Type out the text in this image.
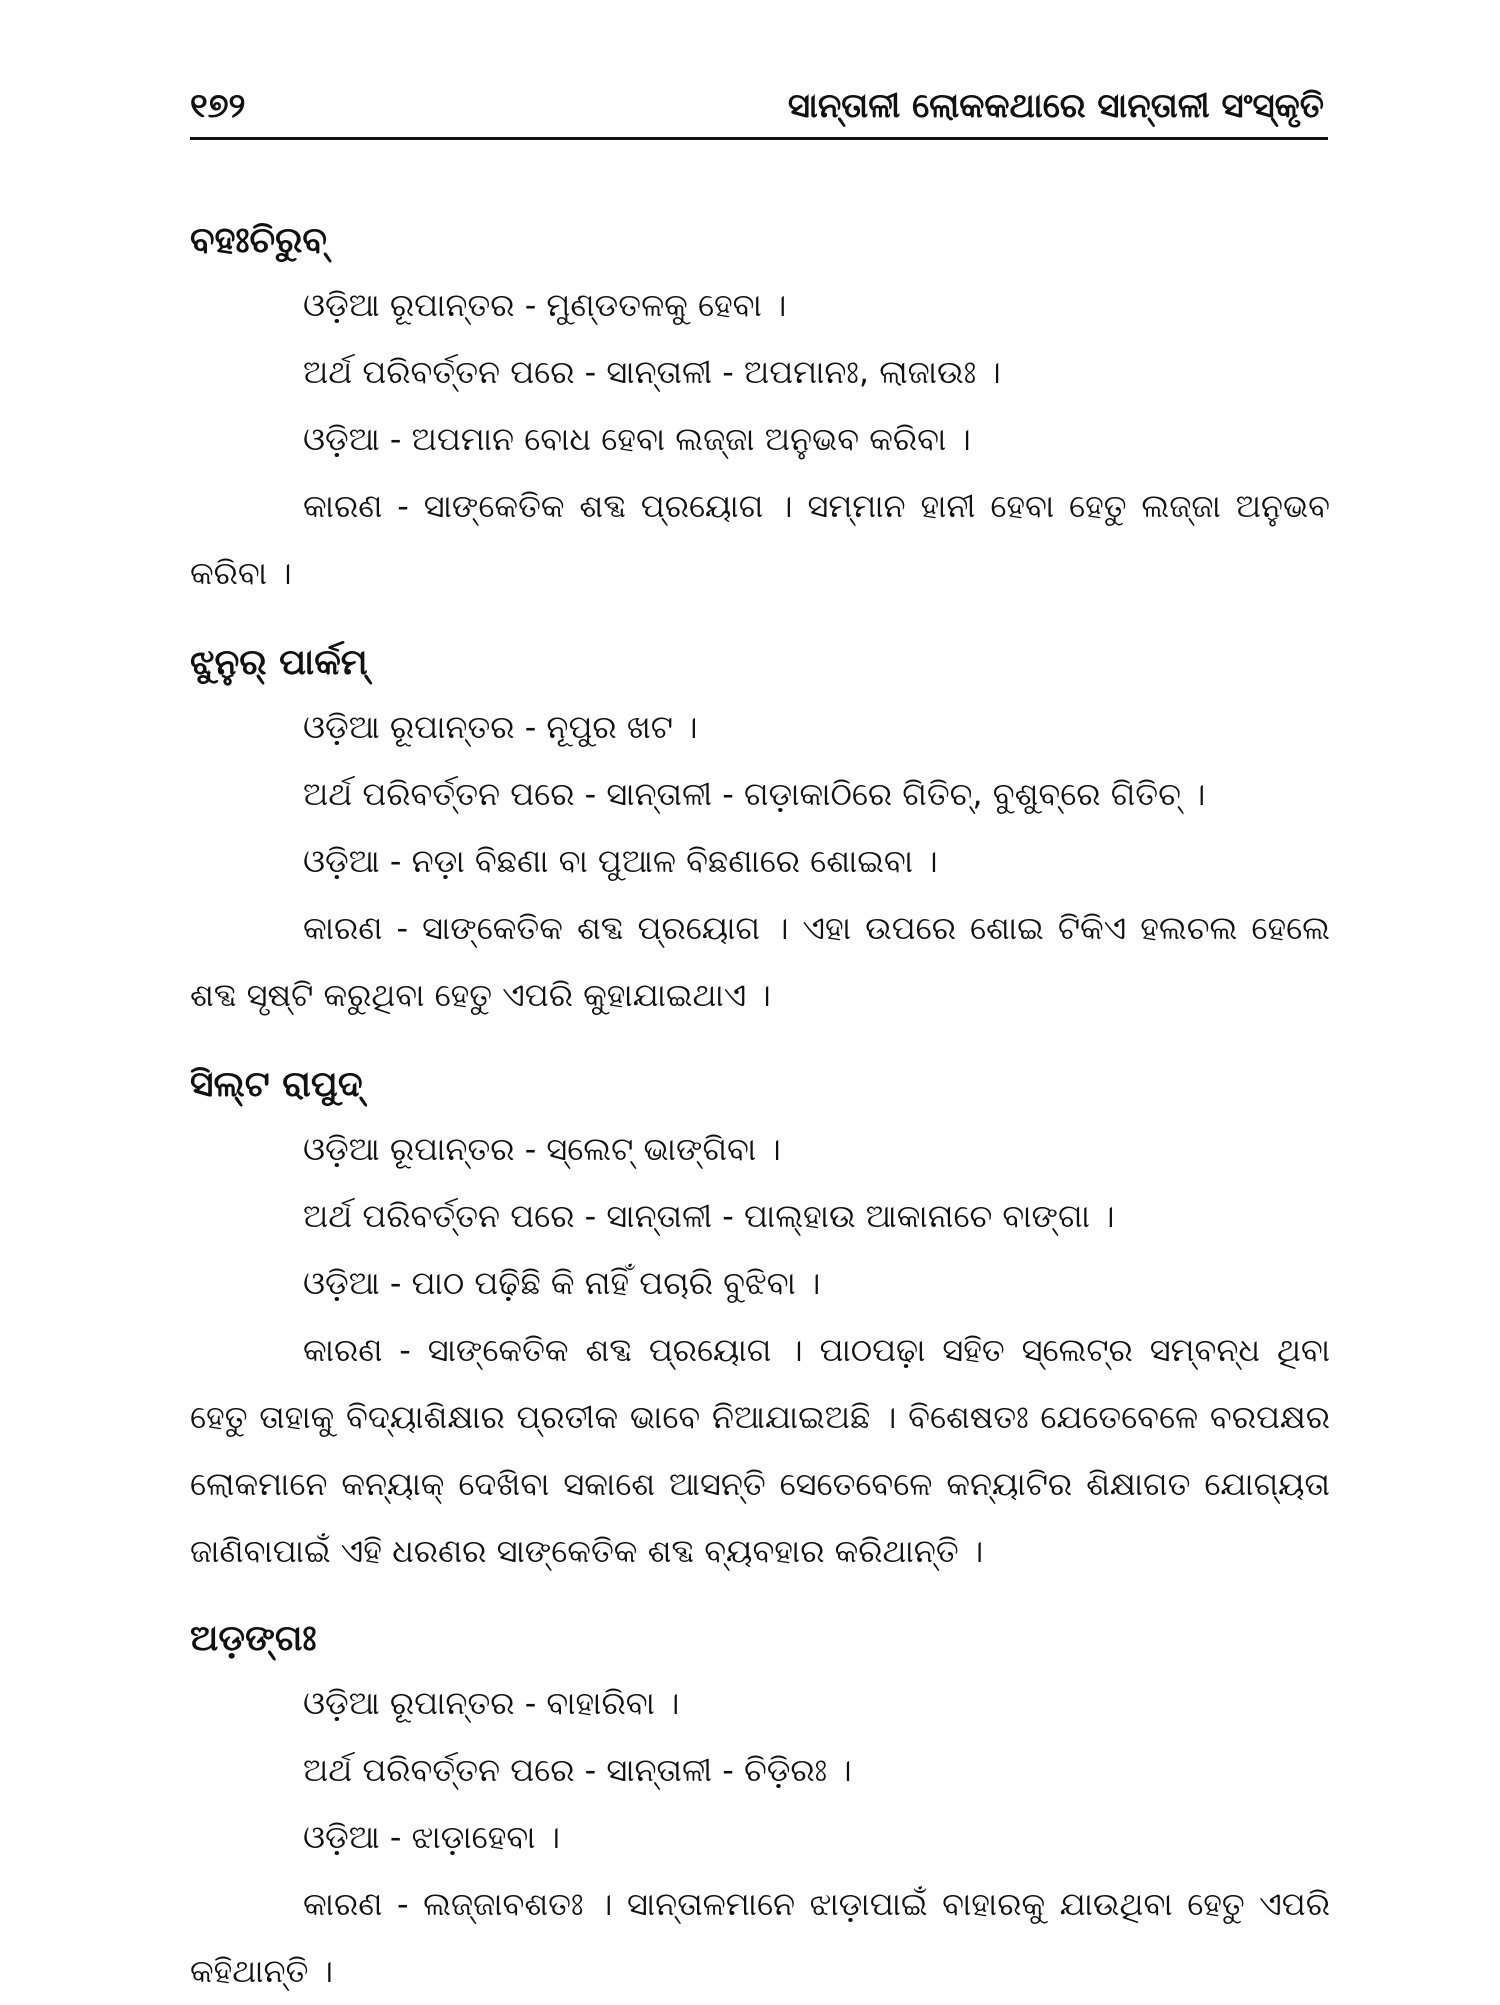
୧୭୨	ସାନ୍ତାଳୀ ଲୋକକଥାରେ ସାନ୍ତାଳୀ ସଂସ୍କୃତି
ବହଃଚିରୁବ୍
ଓଡ଼ିଆ ରୂପାନ୍ତର - ମୁଣ୍ଡତଳକୁ ହେବା ।
ଅର୍ଥ ପରିବର୍ତ୍ତନ ପରେ - ସାନ୍ତାଳୀ - ଅପମାନଃ, ଲାଜାଉଃ ।
ଓଡ଼ିଆ - ଅପମାନ ବୋଧ ହେବା ଲଜ୍ଜା ଅନୁଭବ କରିବା ।

କାରଣ - ସାଙ୍କେତିକ ଶବ୍ଦ ପ୍ରୟୋଗ । ସମ୍ମାନ ହାନୀ ହେବା ହେତୁ ଲଜ୍ଜା ଅନୁଭବ କରିବା ।

ଝୁନୁର୍ ପାର୍କମ୍
ଓଡ଼ିଆ ରୂପାନ୍ତର - ନୂପୁର ଖଟ ।
ଅର୍ଥ ପରିବର୍ତ୍ତନ ପରେ - ସାନ୍ତାଳୀ - ଗଡ଼ାକାଠିରେ ଗିତିଚ୍, ବୁଶୁବ୍‌ରେ ଗିତିଚ୍ ।
ଓଡ଼ିଆ - ନଡ଼ା ବିଛଣା ବା ପୁଆଳ ବିଛଣାରେ ଶୋଇବା ।

କାରଣ - ସାଙ୍କେତିକ ଶବ୍ଦ ପ୍ରୟୋଗ । ଏହା ଉପରେ ଶୋଇ ଟିକିଏ ହଲଚଲ ହେଲେ ଶବ୍ଦ ସୃଷ୍ଟି କରୁଥିବା ହେତୁ ଏପରି କୁହାଯାଇଥାଏ ।

ସିଲ୍‌ଟ ରାପୁଦ୍
ଓଡ଼ିଆ ରୂପାନ୍ତର - ସ୍ଲେଟ୍ ଭାଙ୍ଗିବା ।
ଅର୍ଥ ପରିବର୍ତ୍ତନ ପରେ - ସାନ୍ତାଳୀ - ପାଲ୍‌ହାଉ ଆକାନାଚେ ବାଙ୍ଗା ।
ଓଡ଼ିଆ - ପାଠ ପଢ଼ିଛି କି ନାହିଁ ପଚାରି ବୁଝିବା ।

କାରଣ - ସାଙ୍କେତିକ ଶବ୍ଦ ପ୍ରୟୋଗ । ପାଠପଢ଼ା ସହିତ ସ୍ଲେଟ୍‌ର ସମ୍ବନ୍ଧ ଥିବା ହେତୁ ତାହାକୁ ବିଦ୍ୟାଶିକ୍ଷାର ପ୍ରତୀକ ଭାବେ ନିଆଯାଇଅଛି । ବିଶେଷତଃ ଯେତେବେଳେ ବରପକ୍ଷର ଲୋକମାନେ କନ୍ୟାକ୍ ଦେଖିବା ସକାଶେ ଆସନ୍ତି ସେତେବେଳେ କନ୍ୟାଟିର ଶିକ୍ଷାଗତ ଯୋଗ୍ୟତା ଜାଣିବାପାଇଁ ଏହି ଧରଣର ସାଙ୍କେତିକ ଶବ୍ଦ ବ୍ୟବହାର କରିଥାନ୍ତି ।

ଅଡ଼ଙ୍ଗଃ
ଓଡ଼ିଆ ରୂପାନ୍ତର - ବାହାରିବା ।
ଅର୍ଥ ପରିବର୍ତ୍ତନ ପରେ - ସାନ୍ତାଳୀ - ଚିଡ଼ିରଃ ।
ଓଡ଼ିଆ - ଝାଡ଼ାହେବା ।

କାରଣ - ଲଜ୍ଜାବଶତଃ । ସାନ୍ତାଳମାନେ ଝାଡ଼ାପାଇଁ ବାହାରକୁ ଯାଉଥିବା ହେତୁ ଏପରି କହିଥାନ୍ତି ।
